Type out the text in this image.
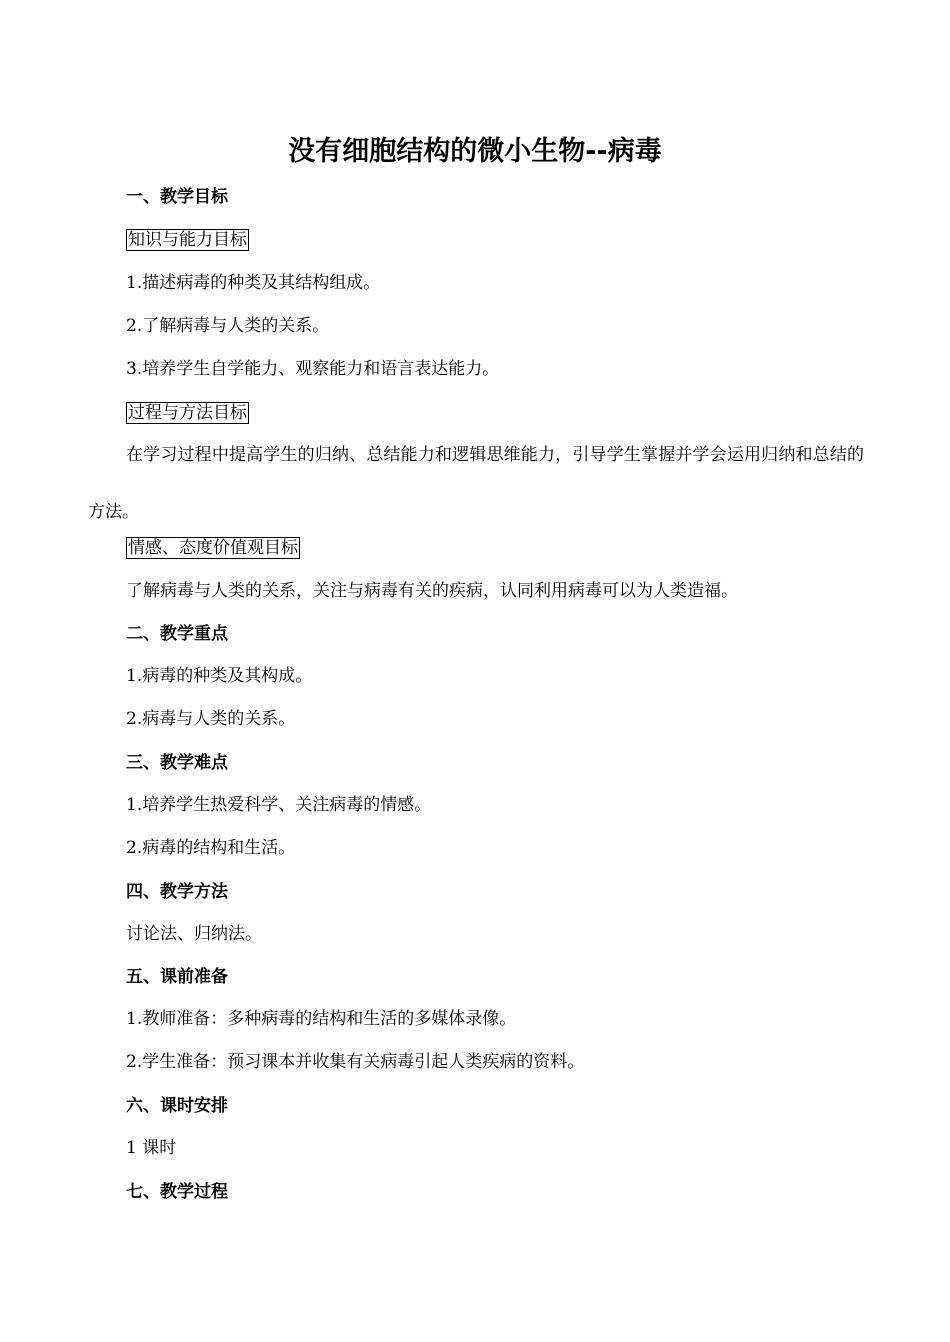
没有细胞结构的微小生物--病毒

一、教学目标

知识与能力目标

1.描述病毒的种类及其结构组成。

2.了解病毒与人类的关系。

3.培养学生自学能力、观察能力和语言表达能力。

过程与方法目标

在学习过程中提高学生的归纳、总结能力和逻辑思维能力，引导学生掌握并学会运用归纳和总结的方法。

情感、态度价值观目标

了解病毒与人类的关系，关注与病毒有关的疾病，认同利用病毒可以为人类造福。

二、教学重点

1.病毒的种类及其构成。

2.病毒与人类的关系。

三、教学难点

1.培养学生热爱科学、关注病毒的情感。

2.病毒的结构和生活。

四、教学方法

讨论法、归纳法。

五、课前准备

1.教师准备：多种病毒的结构和生活的多媒体录像。

2.学生准备：预习课本并收集有关病毒引起人类疾病的资料。

六、课时安排

1 课时

七、教学过程
